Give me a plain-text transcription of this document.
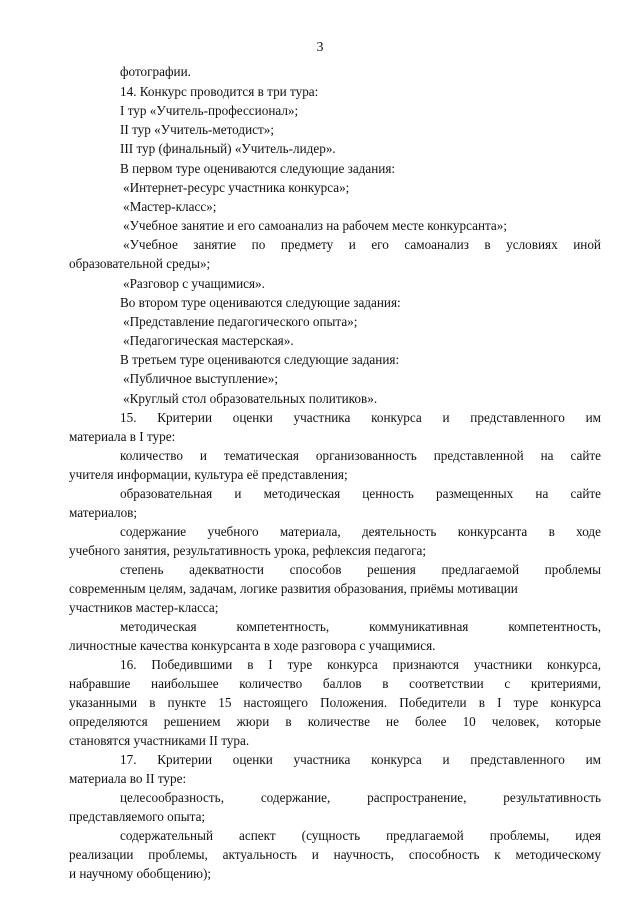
3
фотографии.
14. Конкурс проводится в три тура:
I тур «Учитель-профессионал»;
II тур «Учитель-методист»;
III тур (финальный) «Учитель-лидер».
В первом туре оцениваются следующие задания:
«Интернет-ресурс участника конкурса»;
«Мастер-класс»;
«Учебное занятие и его самоанализ на рабочем месте конкурсанта»;
«Учебное занятие по предмету и его самоанализ в условиях иной
образовательной среды»;
«Разговор с учащимися».
Во втором туре оцениваются следующие задания:
«Представление педагогического опыта»;
«Педагогическая мастерская».
В третьем туре оцениваются следующие задания:
«Публичное выступление»;
«Круглый стол образовательных политиков».
15. Критерии оценки участника конкурса и представленного им
материала в I туре:
количество и тематическая организованность представленной на сайте
учителя информации, культура её представления;
образовательная и методическая ценность размещенных на сайте
материалов;
содержание учебного материала, деятельность конкурсанта в ходе
учебного занятия, результативность урока, рефлексия педагога;
степень адекватности способов решения предлагаемой проблемы
современным целям, задачам, логике развития образования, приёмы мотивации
участников мастер-класса;
методическая компетентность, коммуникативная компетентность,
личностные качества конкурсанта в ходе разговора с учащимися.
16. Победившими в I туре конкурса признаются участники конкурса,
набравшие наибольшее количество баллов в соответствии с критериями,
указанными в пункте 15 настоящего Положения. Победители в I туре конкурса
определяются решением жюри в количестве не более 10 человек, которые
становятся участниками II тура.
17. Критерии оценки участника конкурса и представленного им
материала во II туре:
целесообразность, содержание, распространение, результативность
представляемого опыта;
содержательный аспект (сущность предлагаемой проблемы, идея
реализации проблемы, актуальность и научность, способность к методическому
и научному обобщению);
